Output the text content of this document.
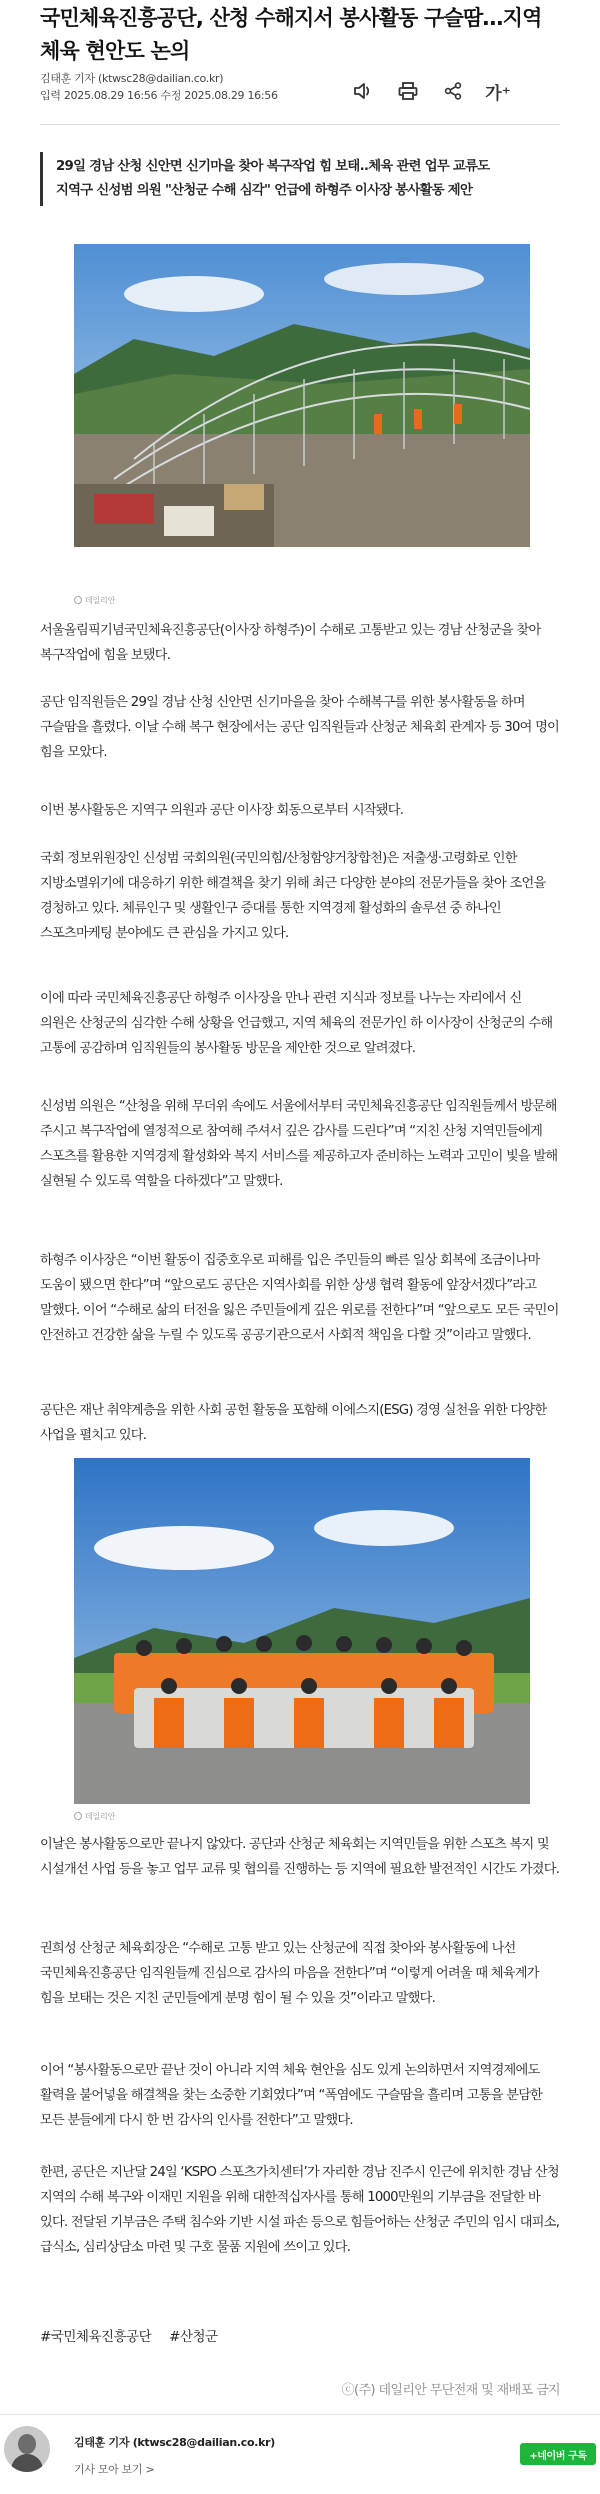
국민체육진흥공단, 산청 수해지서 봉사활동 구슬땀…지역체육 현안도 논의
김태훈 기자 (ktwsc28@dailian.co.kr)
입력 2025.08.29 16:56 수정 2025.08.29 16:56	가⁺
29일 경남 산청 신안면 신기마을 찾아 복구작업 힘 보태..체육 관련 업무 교류도
지역구 신성범 의원 "산청군 수해 심각" 언급에 하형주 이사장 봉사활동 제안
데일리안
서울올림픽기념국민체육진흥공단(이사장 하형주)이 수해로 고통받고 있는 경남 산청군을 찾아 복구작업에 힘을 보탰다.
공단 임직원들은 29일 경남 산청 신안면 신기마을을 찾아 수해복구를 위한 봉사활동을 하며 구슬땀을 흘렸다. 이날 수해 복구 현장에서는 공단 임직원들과 산청군 체육회 관계자 등 30여 명이 힘을 모았다.
이번 봉사활동은 지역구 의원과 공단 이사장 회동으로부터 시작됐다.
국회 정보위원장인 신성범 국회의원(국민의힘/산청함양거창합천)은 저출생·고령화로 인한 지방소멸위기에 대응하기 위한 해결책을 찾기 위해 최근 다양한 분야의 전문가들을 찾아 조언을 경청하고 있다. 체류인구 및 생활인구 증대를 통한 지역경제 활성화의 솔루션 중 하나인 스포츠마케팅 분야에도 큰 관심을 가지고 있다.
이에 따라 국민체육진흥공단 하형주 이사장을 만나 관련 지식과 정보를 나누는 자리에서 신 의원은 산청군의 심각한 수해 상황을 언급했고, 지역 체육의 전문가인 하 이사장이 산청군의 수해 고통에 공감하며 임직원들의 봉사활동 방문을 제안한 것으로 알려졌다.
신성범 의원은 “산청을 위해 무더위 속에도 서울에서부터 국민체육진흥공단 임직원들께서 방문해 주시고 복구작업에 열정적으로 참여해 주셔서 깊은 감사를 드린다”며 “지친 산청 지역민들에게 스포츠를 활용한 지역경제 활성화와 복지 서비스를 제공하고자 준비하는 노력과 고민이 빛을 발해 실현될 수 있도록 역할을 다하겠다”고 말했다.
하형주 이사장은 “이번 활동이 집중호우로 피해를 입은 주민들의 빠른 일상 회복에 조금이나마 도움이 됐으면 한다”며 “앞으로도 공단은 지역사회를 위한 상생 협력 활동에 앞장서겠다”라고 말했다. 이어 “수해로 삶의 터전을 잃은 주민들에게 깊은 위로를 전한다”며 “앞으로도 모든 국민이 안전하고 건강한 삶을 누릴 수 있도록 공공기관으로서 사회적 책임을 다할 것”이라고 말했다.
공단은 재난 취약계층을 위한 사회 공헌 활동을 포함해 이에스지(ESG) 경영 실천을 위한 다양한 사업을 펼치고 있다.
데일리안
이날은 봉사활동으로만 끝나지 않았다. 공단과 산청군 체육회는 지역민들을 위한 스포츠 복지 및 시설개선 사업 등을 놓고 업무 교류 및 협의를 진행하는 등 지역에 필요한 발전적인 시간도 가졌다.
권희성 산청군 체육회장은 “수해로 고통 받고 있는 산청군에 직접 찾아와 봉사활동에 나선 국민체육진흥공단 임직원들께 진심으로 감사의 마음을 전한다”며 “이렇게 어려울 때 체육계가 힘을 보태는 것은 지친 군민들에게 분명 힘이 될 수 있을 것”이라고 말했다.
이어 “봉사활동으로만 끝난 것이 아니라 지역 체육 현안을 심도 있게 논의하면서 지역경제에도 활력을 불어넣을 해결책을 찾는 소중한 기회였다”며 “폭염에도 구슬땀을 흘리며 고통을 분담한 모든 분들에게 다시 한 번 감사의 인사를 전한다”고 말했다.
한편, 공단은 지난달 24일 ‘KSPO 스포츠가치센터’가 자리한 경남 진주시 인근에 위치한 경남 산청 지역의 수해 복구와 이재민 지원을 위해 대한적십자사를 통해 1000만원의 기부금을 전달한 바 있다. 전달된 기부금은 주택 침수와 기반 시설 파손 등으로 힘들어하는 산청군 주민의 임시 대피소, 급식소, 심리상담소 마련 및 구호 물품 지원에 쓰이고 있다.
#국민체육진흥공단 #산청군
ⓒ(주) 데일리안 무단전재 및 재배포 금지
김태훈 기자 (ktwsc28@dailian.co.kr)
기사 모아 보기 >
+네이버 구독
